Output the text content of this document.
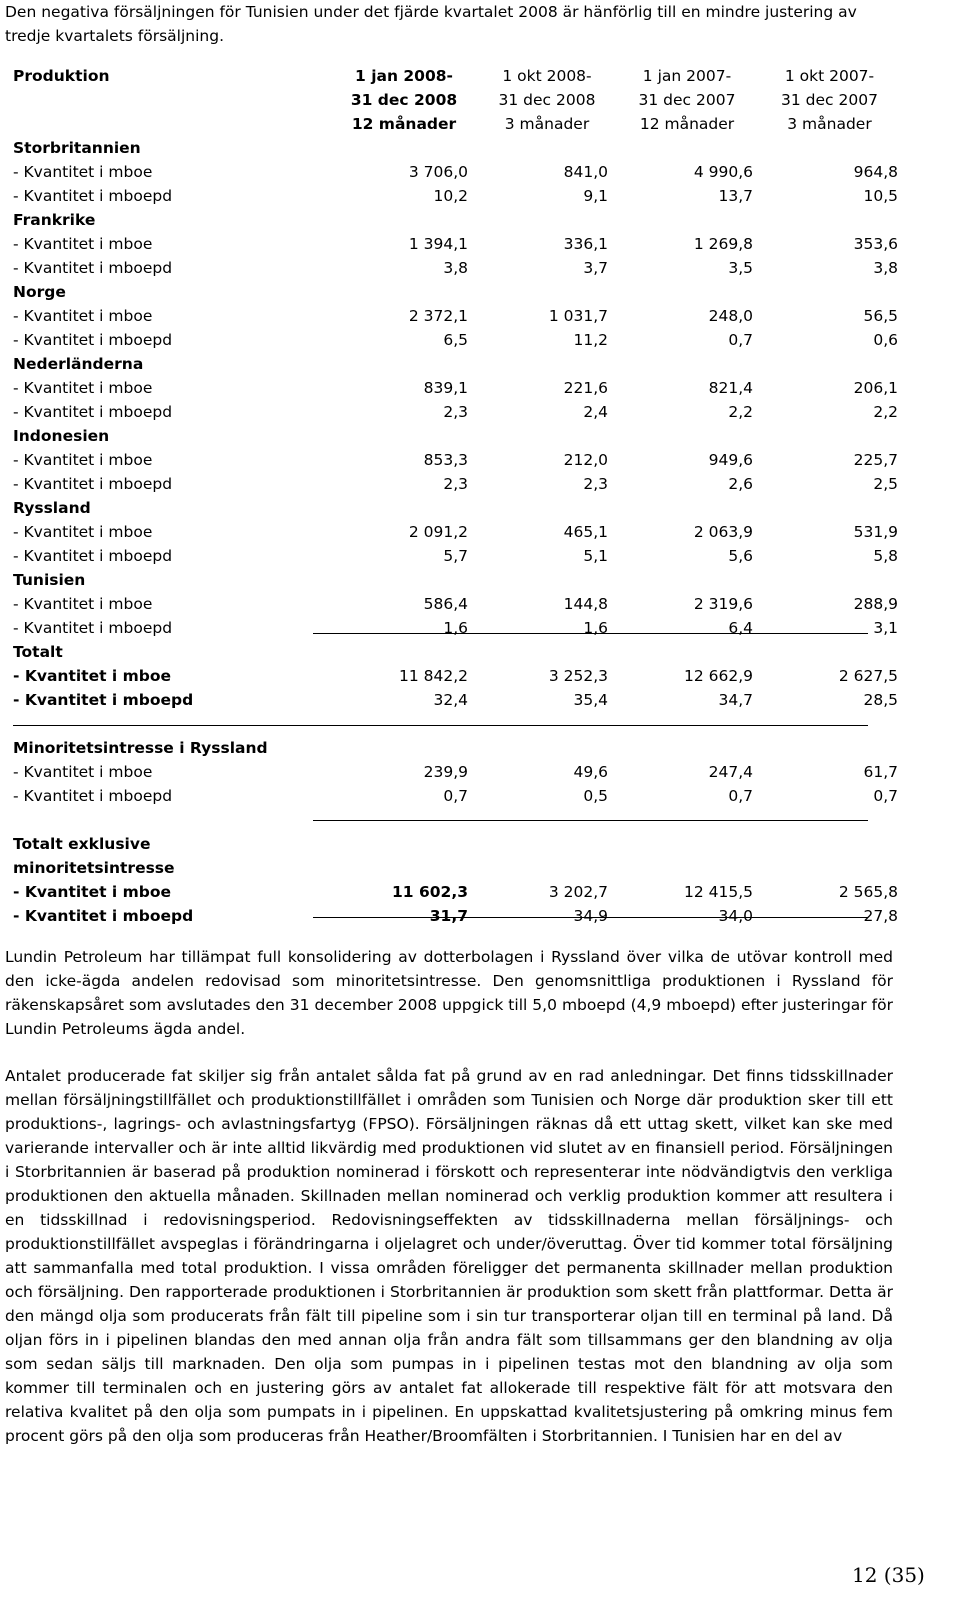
Den negativa försäljningen för Tunisien under det fjärde kvartalet 2008 är hänförlig till en mindre justering av tredje kvartalets försäljning.
Produktion	1 jan 2008-	1 okt 2008-	1 jan 2007-	1 okt 2007-
31 dec 2008	31 dec 2008	31 dec 2007	31 dec 2007
12 månader	3 månader	12 månader	3 månader
Storbritannien
- Kvantitet i mboe	3 706,0	841,0	4 990,6	964,8
- Kvantitet i mboepd	10,2	9,1	13,7	10,5
Frankrike
- Kvantitet i mboe	1 394,1	336,1	1 269,8	353,6
- Kvantitet i mboepd	3,8	3,7	3,5	3,8
Norge
- Kvantitet i mboe	2 372,1	1 031,7	248,0	56,5
- Kvantitet i mboepd	6,5	11,2	0,7	0,6
Nederländerna
- Kvantitet i mboe	839,1	221,6	821,4	206,1
- Kvantitet i mboepd	2,3	2,4	2,2	2,2
Indonesien
- Kvantitet i mboe	853,3	212,0	949,6	225,7
- Kvantitet i mboepd	2,3	2,3	2,6	2,5
Ryssland
- Kvantitet i mboe	2 091,2	465,1	2 063,9	531,9
- Kvantitet i mboepd	5,7	5,1	5,6	5,8
Tunisien
- Kvantitet i mboe	586,4	144,8	2 319,6	288,9
- Kvantitet i mboepd	1,6	1,6	6,4	3,1
Totalt
- Kvantitet i mboe	11 842,2	3 252,3	12 662,9	2 627,5
- Kvantitet i mboepd	32,4	35,4	34,7	28,5
Minoritetsintresse i Ryssland
- Kvantitet i mboe	239,9	49,6	247,4	61,7
- Kvantitet i mboepd	0,7	0,5	0,7	0,7
Totalt exklusive
minoritetsintresse
- Kvantitet i mboe	11 602,3	3 202,7	12 415,5	2 565,8
- Kvantitet i mboepd	31,7	34,9	34,0	27,8
Lundin Petroleum har tillämpat full konsolidering av dotterbolagen i Ryssland över vilka de utövar kontroll med den icke-ägda andelen redovisad som minoritetsintresse. Den genomsnittliga produktionen i Ryssland för räkenskapsåret som avslutades den 31 december 2008 uppgick till 5,0 mboepd (4,9 mboepd) efter justeringar för Lundin Petroleums ägda andel.
Antalet producerade fat skiljer sig från antalet sålda fat på grund av en rad anledningar. Det finns tidsskillnader mellan försäljningstillfället och produktionstillfället i områden som Tunisien och Norge där produktion sker till ett produktions-, lagrings- och avlastningsfartyg (FPSO). Försäljningen räknas då ett uttag skett, vilket kan ske med varierande intervaller och är inte alltid likvärdig med produktionen vid slutet av en finansiell period. Försäljningen i Storbritannien är baserad på produktion nominerad i förskott och representerar inte nödvändigtvis den verkliga produktionen den aktuella månaden. Skillnaden mellan nominerad och verklig produktion kommer att resultera i en tidsskillnad i redovisningsperiod. Redovisningseffekten av tidsskillnaderna mellan försäljnings- och produktionstillfället avspeglas i förändringarna i oljelagret och under/överuttag. Över tid kommer total försäljning att sammanfalla med total produktion. I vissa områden föreligger det permanenta skillnader mellan produktion och försäljning. Den rapporterade produktionen i Storbritannien är produktion som skett från plattformar. Detta är den mängd olja som producerats från fält till pipeline som i sin tur transporterar oljan till en terminal på land. Då oljan förs in i pipelinen blandas den med annan olja från andra fält som tillsammans ger den blandning av olja som sedan säljs till marknaden. Den olja som pumpas in i pipelinen testas mot den blandning av olja som kommer till terminalen och en justering görs av antalet fat allokerade till respektive fält för att motsvara den relativa kvalitet på den olja som pumpats in i pipelinen. En uppskattad kvalitetsjustering på omkring minus fem procent görs på den olja som produceras från Heather/Broomfälten i Storbritannien. I Tunisien har en del av
12 (35)
